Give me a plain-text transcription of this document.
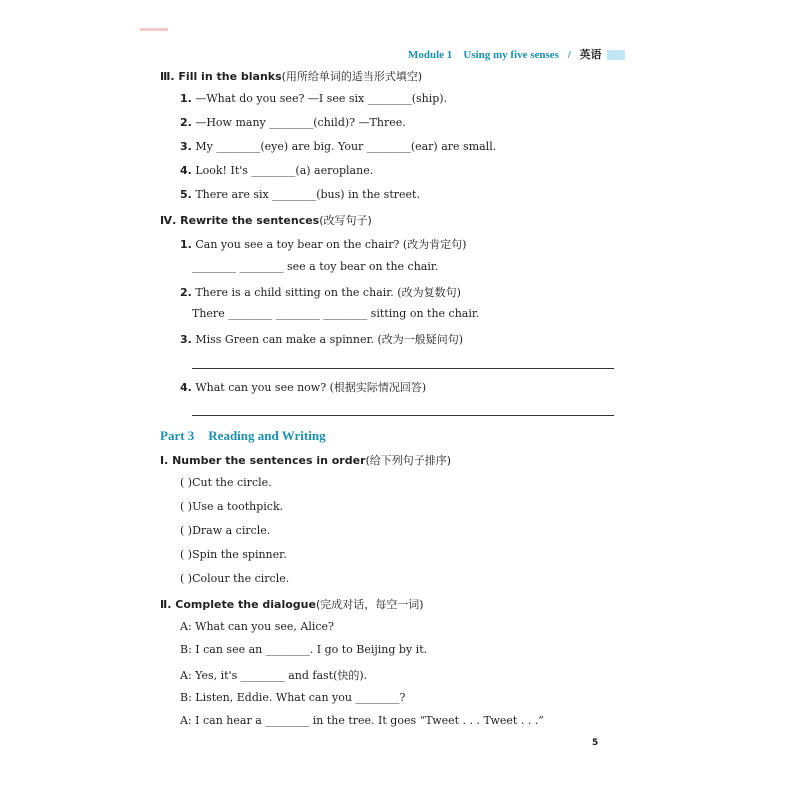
Module 1 Using my five senses / 英语
Ⅲ. Fill in the blanks(用所给单词的适当形式填空)
1. —What do you see? —I see six ________(ship).
2. —How many ________(child)? —Three.
3. My ________(eye) are big. Your ________(ear) are small.
4. Look! It's ________(a) aeroplane.
5. There are six ________(bus) in the street.
Ⅳ. Rewrite the sentences(改写句子)
1. Can you see a toy bear on the chair? (改为肯定句)
________ ________ see a toy bear on the chair.
2. There is a child sitting on the chair. (改为复数句)
There ________ ________ ________ sitting on the chair.
3. Miss Green can make a spinner. (改为一般疑问句)
4. What can you see now? (根据实际情况回答)
Part 3 Reading and Writing
Ⅰ. Number the sentences in order(给下列句子排序)
( )Cut the circle.
( )Use a toothpick.
( )Draw a circle.
( )Spin the spinner.
( )Colour the circle.
Ⅱ. Complete the dialogue(完成对话，每空一词)
A: What can you see, Alice?
B: I can see an ________. I go to Beijing by it.
A: Yes, it's ________ and fast(快的).
B: Listen, Eddie. What can you ________?
A: I can hear a ________ in the tree. It goes “Tweet . . . Tweet . . .”
5
